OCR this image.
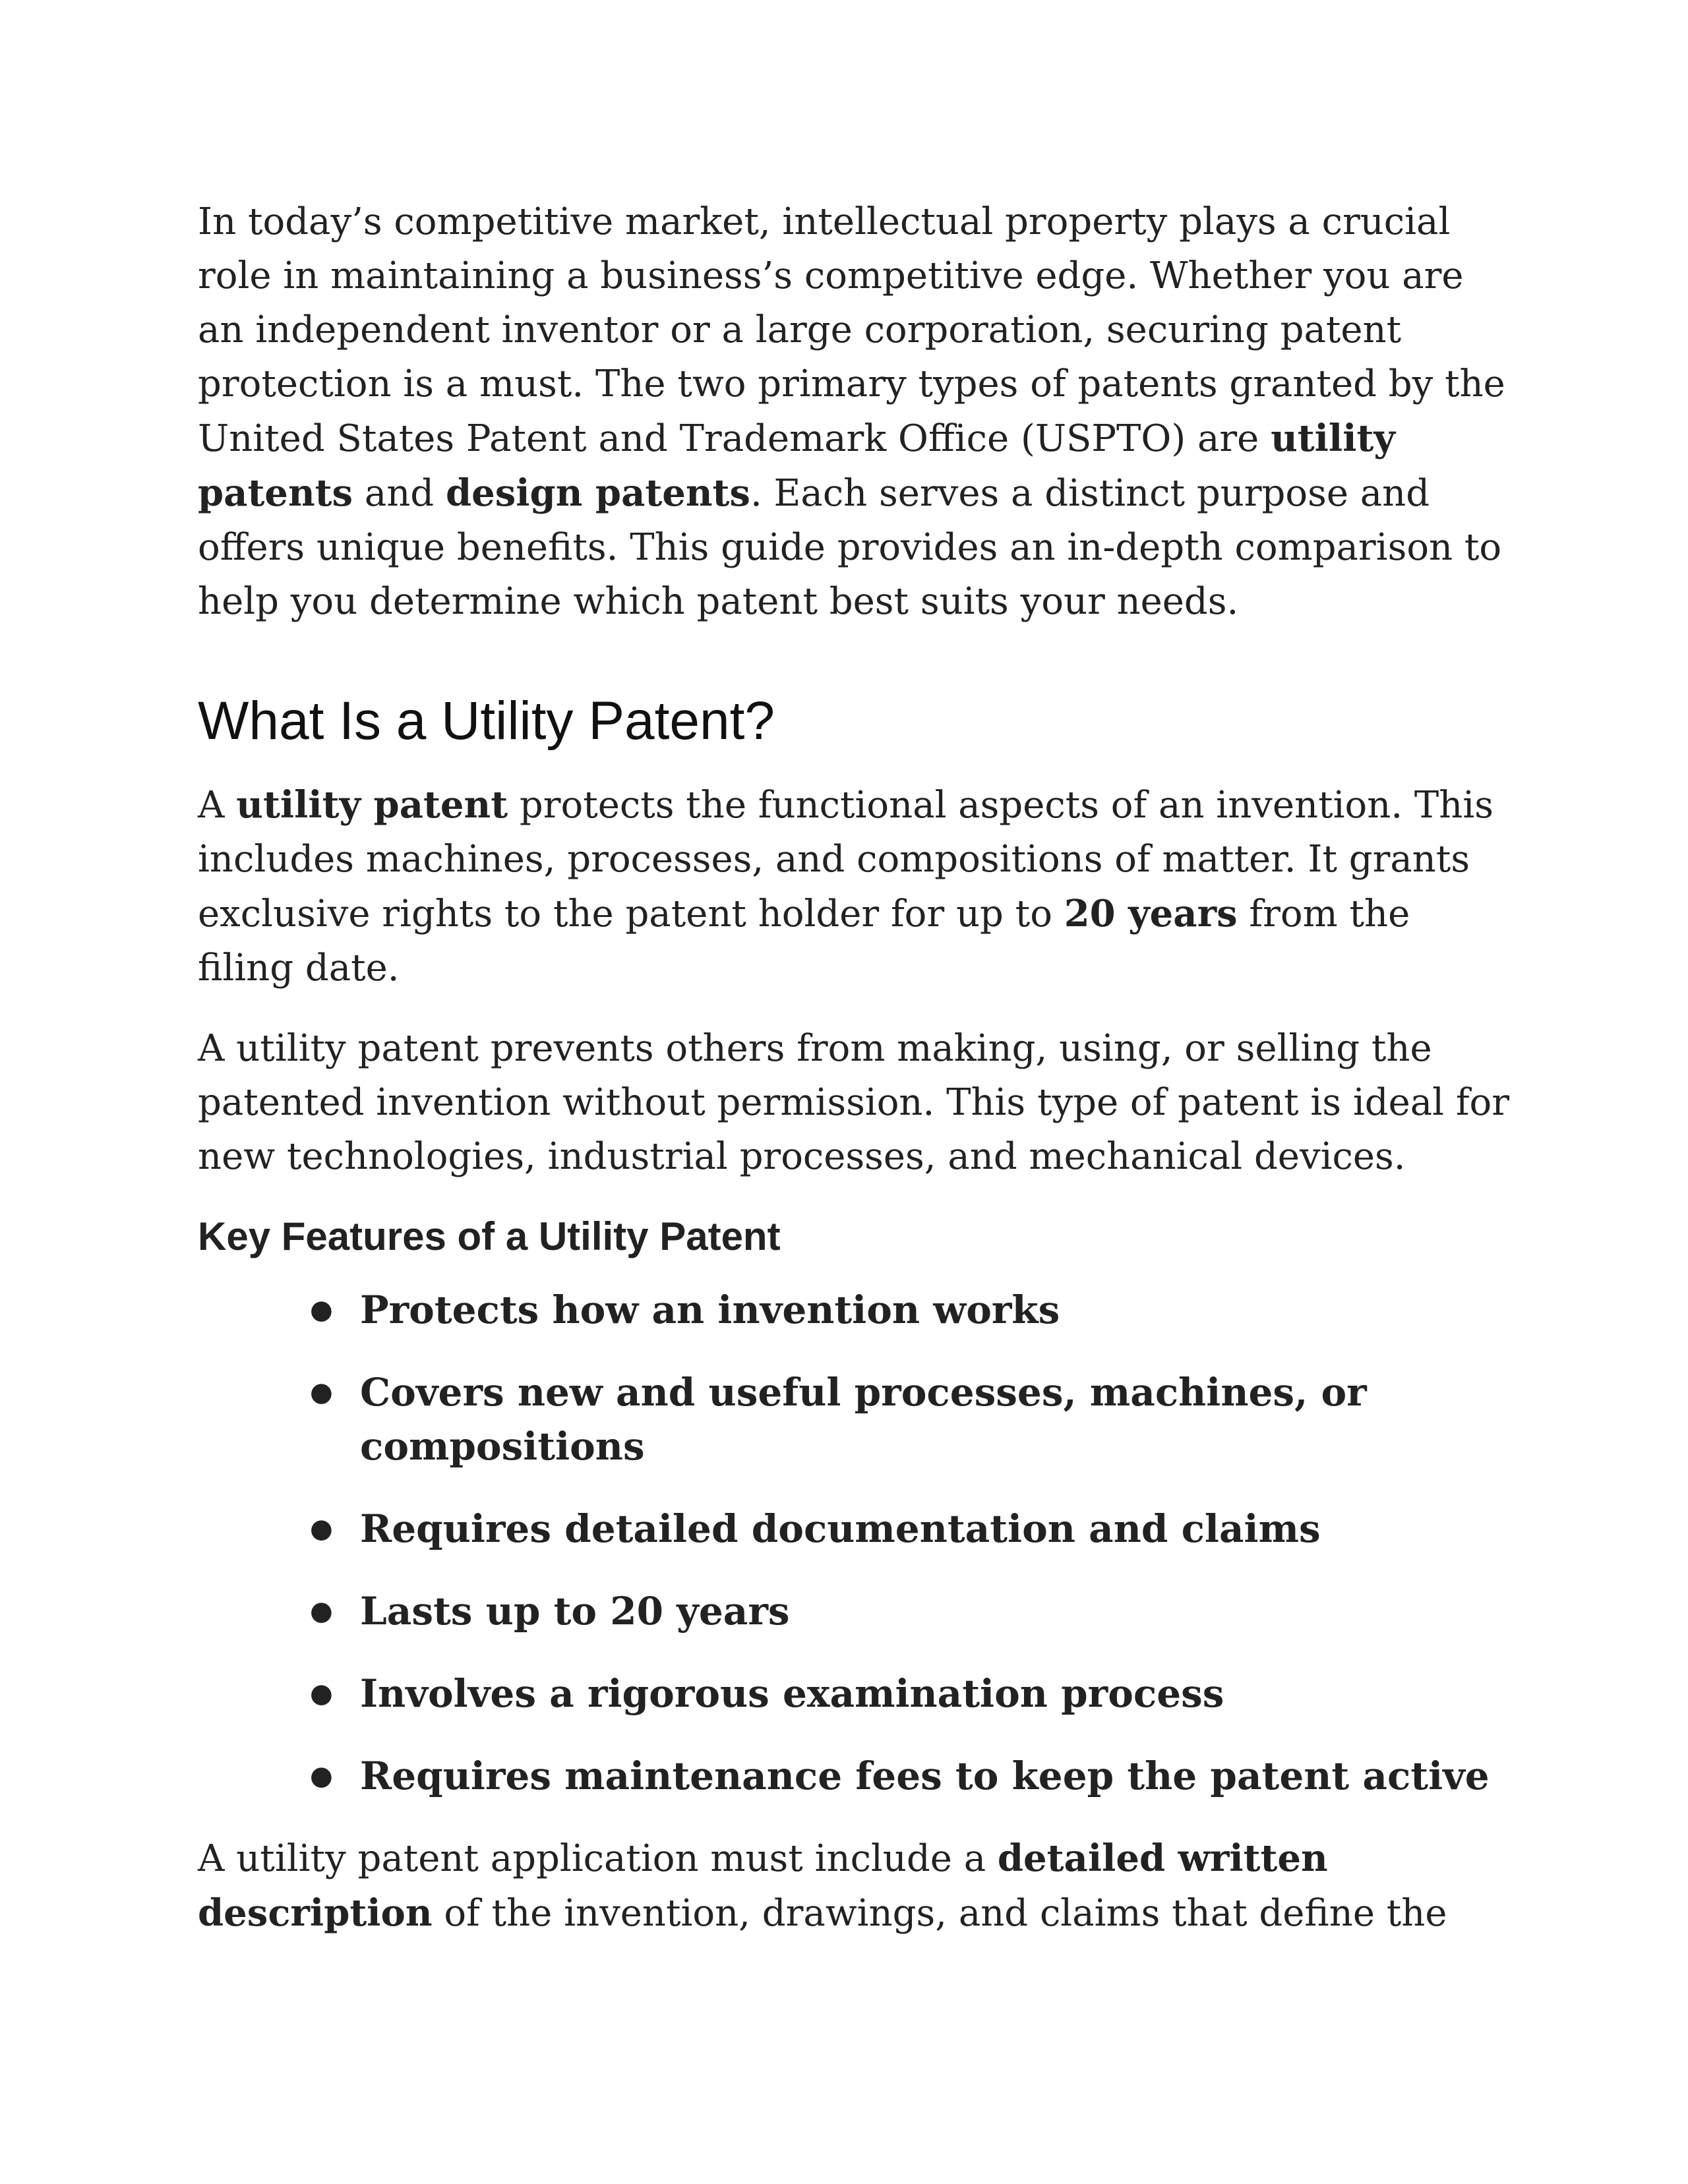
In today’s competitive market, intellectual property plays a crucial role in maintaining a business’s competitive edge. Whether you are an independent inventor or a large corporation, securing patent protection is a must. The two primary types of patents granted by the United States Patent and Trademark Office (USPTO) are utility patents and design patents. Each serves a distinct purpose and offers unique benefits. This guide provides an in-depth comparison to help you determine which patent best suits your needs.

What Is a Utility Patent?

A utility patent protects the functional aspects of an invention. This includes machines, processes, and compositions of matter. It grants exclusive rights to the patent holder for up to 20 years from the filing date.

A utility patent prevents others from making, using, or selling the patented invention without permission. This type of patent is ideal for new technologies, industrial processes, and mechanical devices.

Key Features of a Utility Patent
● Protects how an invention works
● Covers new and useful processes, machines, or compositions
● Requires detailed documentation and claims
● Lasts up to 20 years
● Involves a rigorous examination process
● Requires maintenance fees to keep the patent active

A utility patent application must include a detailed written description of the invention, drawings, and claims that define the
